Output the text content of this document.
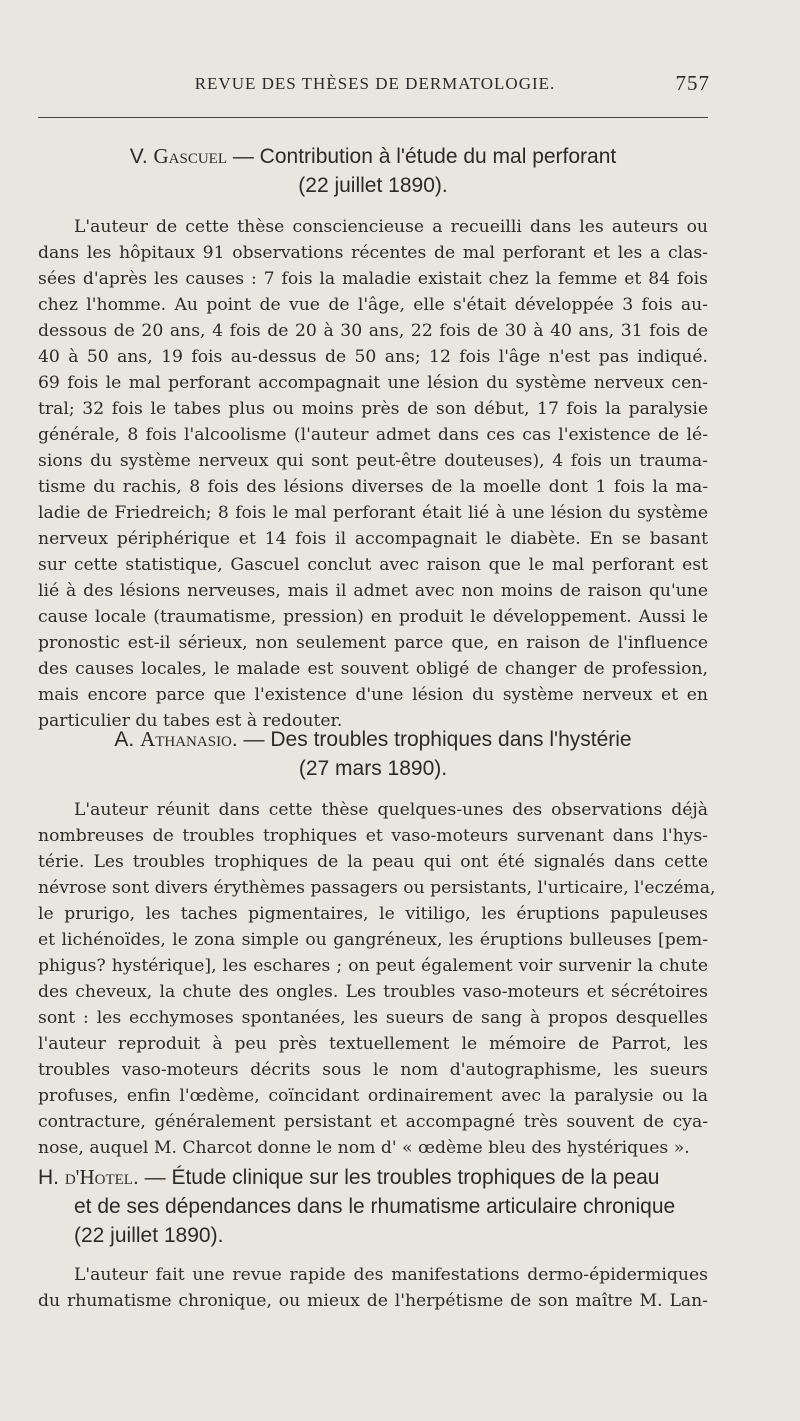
REVUE DES THÈSES DE DERMATOLOGIE.	757

V. Gascuel — Contribution à l'étude du mal perforant
(22 juillet 1890).

L'auteur de cette thèse consciencieuse a recueilli dans les auteurs ou
dans les hôpitaux 91 observations récentes de mal perforant et les a clas-
sées d'après les causes : 7 fois la maladie existait chez la femme et 84 fois
chez l'homme. Au point de vue de l'âge, elle s'était développée 3 fois au-
dessous de 20 ans, 4 fois de 20 à 30 ans, 22 fois de 30 à 40 ans, 31 fois de
40 à 50 ans, 19 fois au-dessus de 50 ans; 12 fois l'âge n'est pas indiqué.
69 fois le mal perforant accompagnait une lésion du système nerveux cen-
tral; 32 fois le tabes plus ou moins près de son début, 17 fois la paralysie
générale, 8 fois l'alcoolisme (l'auteur admet dans ces cas l'existence de lé-
sions du système nerveux qui sont peut-être douteuses), 4 fois un trauma-
tisme du rachis, 8 fois des lésions diverses de la moelle dont 1 fois la ma-
ladie de Friedreich; 8 fois le mal perforant était lié à une lésion du système
nerveux périphérique et 14 fois il accompagnait le diabète. En se basant
sur cette statistique, Gascuel conclut avec raison que le mal perforant est
lié à des lésions nerveuses, mais il admet avec non moins de raison qu'une
cause locale (traumatisme, pression) en produit le développement. Aussi le
pronostic est-il sérieux, non seulement parce que, en raison de l'influence
des causes locales, le malade est souvent obligé de changer de profession,
mais encore parce que l'existence d'une lésion du système nerveux et en
particulier du tabes est à redouter.

A. Athanasio. — Des troubles trophiques dans l'hystérie
(27 mars 1890).

L'auteur réunit dans cette thèse quelques-unes des observations déjà
nombreuses de troubles trophiques et vaso-moteurs survenant dans l'hys-
térie. Les troubles trophiques de la peau qui ont été signalés dans cette
névrose sont divers érythèmes passagers ou persistants, l'urticaire, l'eczéma,
le prurigo, les taches pigmentaires, le vitiligo, les éruptions papuleuses
et lichénoïdes, le zona simple ou gangréneux, les éruptions bulleuses [pem-
phigus? hystérique], les eschares ; on peut également voir survenir la chute
des cheveux, la chute des ongles. Les troubles vaso-moteurs et sécrétoires
sont : les ecchymoses spontanées, les sueurs de sang à propos desquelles
l'auteur reproduit à peu près textuellement le mémoire de Parrot, les
troubles vaso-moteurs décrits sous le nom d'autographisme, les sueurs
profuses, enfin l'œdème, coïncidant ordinairement avec la paralysie ou la
contracture, généralement persistant et accompagné très souvent de cya-
nose, auquel M. Charcot donne le nom d' « œdème bleu des hystériques ».

H. d'Hotel. — Étude clinique sur les troubles trophiques de la peau
et de ses dépendances dans le rhumatisme articulaire chronique
(22 juillet 1890).

L'auteur fait une revue rapide des manifestations dermo-épidermiques
du rhumatisme chronique, ou mieux de l'herpétisme de son maître M. Lan-
